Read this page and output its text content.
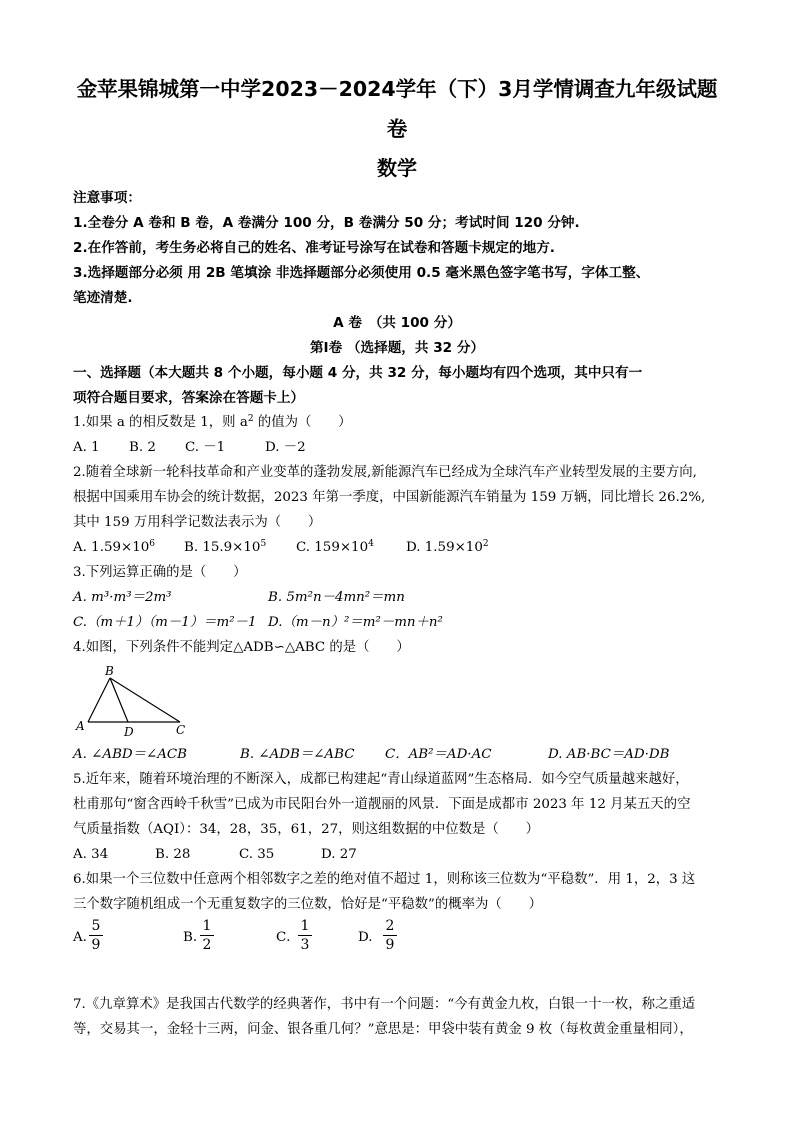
金苹果锦城第一中学2023－2024学年（下）3月学情调查九年级试题
卷
数学
注意事项：
1.全卷分 A 卷和 B 卷，A 卷满分 100 分，B 卷满分 50 分；考试时间 120 分钟.
2.在作答前，考生务必将自己的姓名、准考证号涂写在试卷和答题卡规定的地方.
3.选择题部分必须 用 2B 笔填涂 非选择题部分必须使用 0.5 毫米黑色签字笔书写，字体工整、
笔迹清楚.
A 卷　（共 100 分）
第Ⅰ卷 （选择题，共 32 分）
一、选择题（本大题共 8 个小题，每小题 4 分，共 32 分，每小题均有四个选项，其中只有一
项符合题目要求，答案涂在答题卡上）
1.如果 a 的相反数是 1，则 $a^2$ 的值为（　　）
A. 1 B. 2 C. －1	D. －2
2.随着全球新一轮科技革命和产业变革的蓬勃发展,新能源汽车已经成为全球汽车产业转型发展的主要方向,
根据中国乘用车协会的统计数据，2023 年第一季度，中国新能源汽车销量为 159 万辆，同比增长 26.2%,
其中 159 万用科学记数法表示为（　　）
A. $1.59\times 10^6$ B. $15.9\times 10^5$ C. $159\times 10^4$ D. $1.59\times 10^2$
3.下列运算正确的是（　　）
A. m³·m³＝2m³	B. 5m²n－4mn²＝mn
C.（m＋1）（m－1）＝m²－1 D.（m－n）²＝m²－mn＋n²
4.如图，下列条件不能判定△ADB∽△ABC 的是（　　）
B
A	D	C
A. ∠ABD＝∠ACB	B. ∠ADB＝∠ABC C．AB²＝AD·AC	D. AB·BC＝AD·DB
5.近年来，随着环境治理的不断深入，成都已构建起“青山绿道蓝网”生态格局．如今空气质量越来越好，
杜甫那句“窗含西岭千秋雪”已成为市民阳台外一道靓丽的风景．下面是成都市 2023 年 12 月某五天的空
气质量指数（AQI）：34，28，35，61，27，则这组数据的中位数是（　　）
A. 34	B. 28	C. 35	D. 27
6.如果一个三位数中任意两个相邻数字之差的绝对值不超过 1，则称该三位数为“平稳数”．用 1，2，3 这
三个数字随机组成一个无重复数字的三位数，恰好是“平稳数”的概率为（　　）
A.
5
9	B.
1
2	C．
1
3	D.
2
9
7.《九章算术》是我国古代数学的经典著作，书中有一个问题：“今有黄金九枚，白银一十一枚，称之重适
等，交易其一，金轻十三两，问金、银各重几何？”意思是：甲袋中装有黄金 9 枚（每枚黄金重量相同），
